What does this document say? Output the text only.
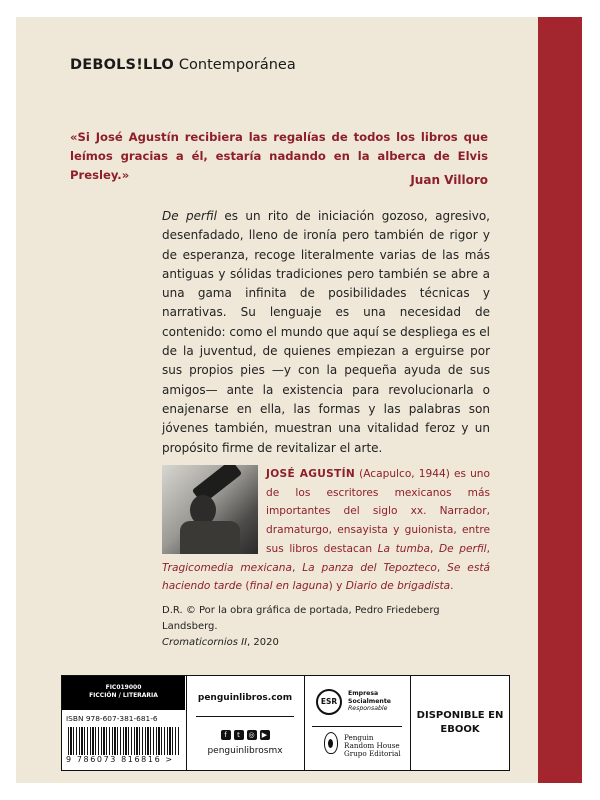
DEBOLS!LLO Contemporánea
«Si José Agustín recibiera las regalías de todos los libros que leímos gracias a él, estaría nadando en la alberca de Elvis Presley.»	Juan Villoro
De perfil es un rito de iniciación gozoso, agresivo, desenfadado, lleno de ironía pero también de rigor y de esperanza, recoge literalmente varias de las más antiguas y sólidas tradiciones pero también se abre a una gama infinita de posibilidades técnicas y narrativas. Su lenguaje es una necesidad de contenido: como el mundo que aquí se despliega es el de la juventud, de quienes empiezan a erguirse por sus propios pies —y con la pequeña ayuda de sus amigos— ante la existencia para revolucionarla o enajenarse en ella, las formas y las palabras son jóvenes también, muestran una vitalidad feroz y un propósito firme de revitalizar el arte.
JOSÉ AGUSTÍN (Acapulco, 1944) es uno de los escritores mexicanos más importantes del siglo xx. Narrador, dramaturgo, ensayista y guionista, entre sus libros destacan La tumba, De perfil, Tragicomedia mexicana, La panza del Tepozteco, Se está haciendo tarde (final en laguna) y Diario de brigadista.
D.R. © Por la obra gráfica de portada, Pedro Friedeberg Landsberg.
Cromaticornios II, 2020
FIC019000
FICCIÓN / LITERARIA
ISBN 978-607-381-681-6
9 786073 816816 >
penguinlibros.com
f t ◎ ▶
penguinlibrosmx
ESR
Empresa
Socialmente
Responsable
Penguin
Random House
Grupo Editorial
DISPONIBLE EN
EBOOK
